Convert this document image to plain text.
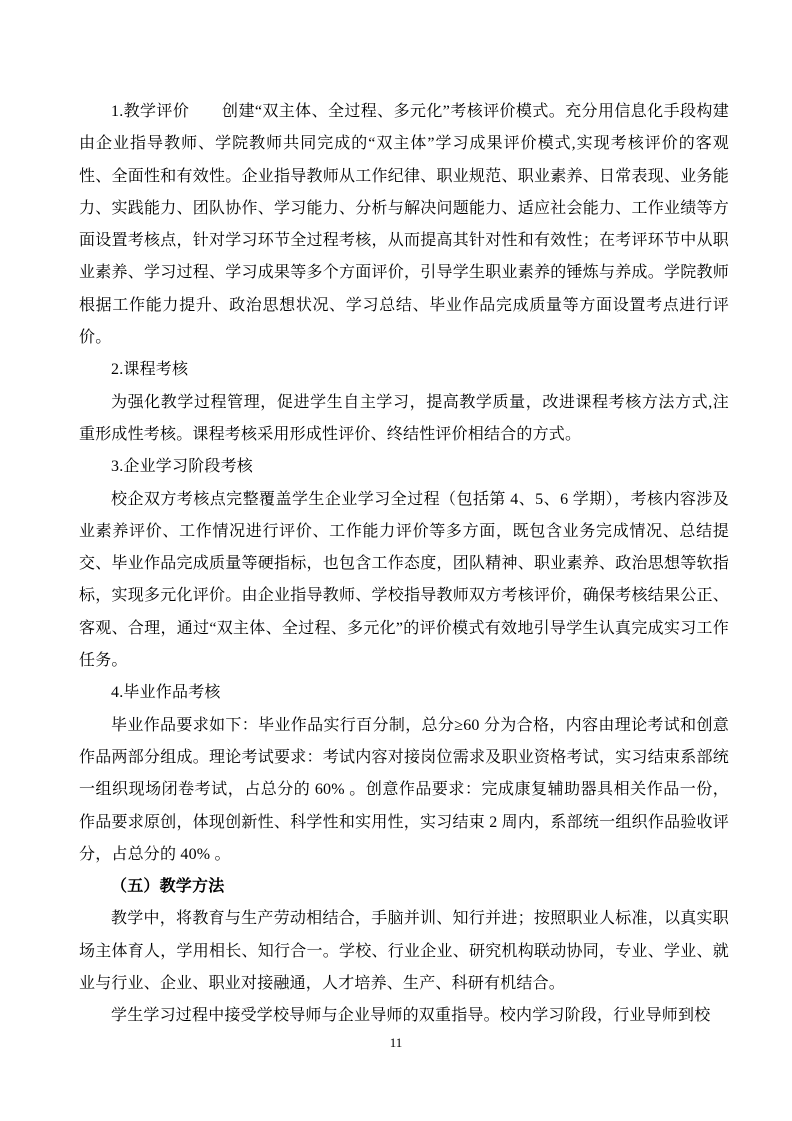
1.教学评价　　创建“双主体、全过程、多元化”考核评价模式。充分用信息化手段构建由企业指导教师、学院教师共同完成的“双主体”学习成果评价模式,实现考核评价的客观性、全面性和有效性。企业指导教师从工作纪律、职业规范、职业素养、日常表现、业务能力、实践能力、团队协作、学习能力、分析与解决问题能力、适应社会能力、工作业绩等方面设置考核点，针对学习环节全过程考核，从而提高其针对性和有效性；在考评环节中从职业素养、学习过程、学习成果等多个方面评价，引导学生职业素养的锤炼与养成。学院教师根据工作能力提升、政治思想状况、学习总结、毕业作品完成质量等方面设置考点进行评价。

2.课程考核

为强化教学过程管理，促进学生自主学习，提高教学质量，改进课程考核方法方式,注重形成性考核。课程考核采用形成性评价、终结性评价相结合的方式。

3.企业学习阶段考核

校企双方考核点完整覆盖学生企业学习全过程（包括第 4、5、6 学期），考核内容涉及业素养评价、工作情况进行评价、工作能力评价等多方面，既包含业务完成情况、总结提交、毕业作品完成质量等硬指标，也包含工作态度，团队精神、职业素养、政治思想等软指标，实现多元化评价。由企业指导教师、学校指导教师双方考核评价，确保考核结果公正、客观、合理，通过“双主体、全过程、多元化”的评价模式有效地引导学生认真完成实习工作任务。

4.毕业作品考核

毕业作品要求如下：毕业作品实行百分制，总分≥60 分为合格，内容由理论考试和创意作品两部分组成。理论考试要求：考试内容对接岗位需求及职业资格考试，实习结束系部统一组织现场闭卷考试，占总分的 60% 。创意作品要求：完成康复辅助器具相关作品一份，作品要求原创，体现创新性、科学性和实用性，实习结束 2 周内，系部统一组织作品验收评分，占总分的 40% 。

（五）教学方法

教学中，将教育与生产劳动相结合，手脑并训、知行并进；按照职业人标准，以真实职场主体育人，学用相长、知行合一。学校、行业企业、研究机构联动协同，专业、学业、就业与行业、企业、职业对接融通，人才培养、生产、科研有机结合。

学生学习过程中接受学校导师与企业导师的双重指导。校内学习阶段，行业导师到校

11
